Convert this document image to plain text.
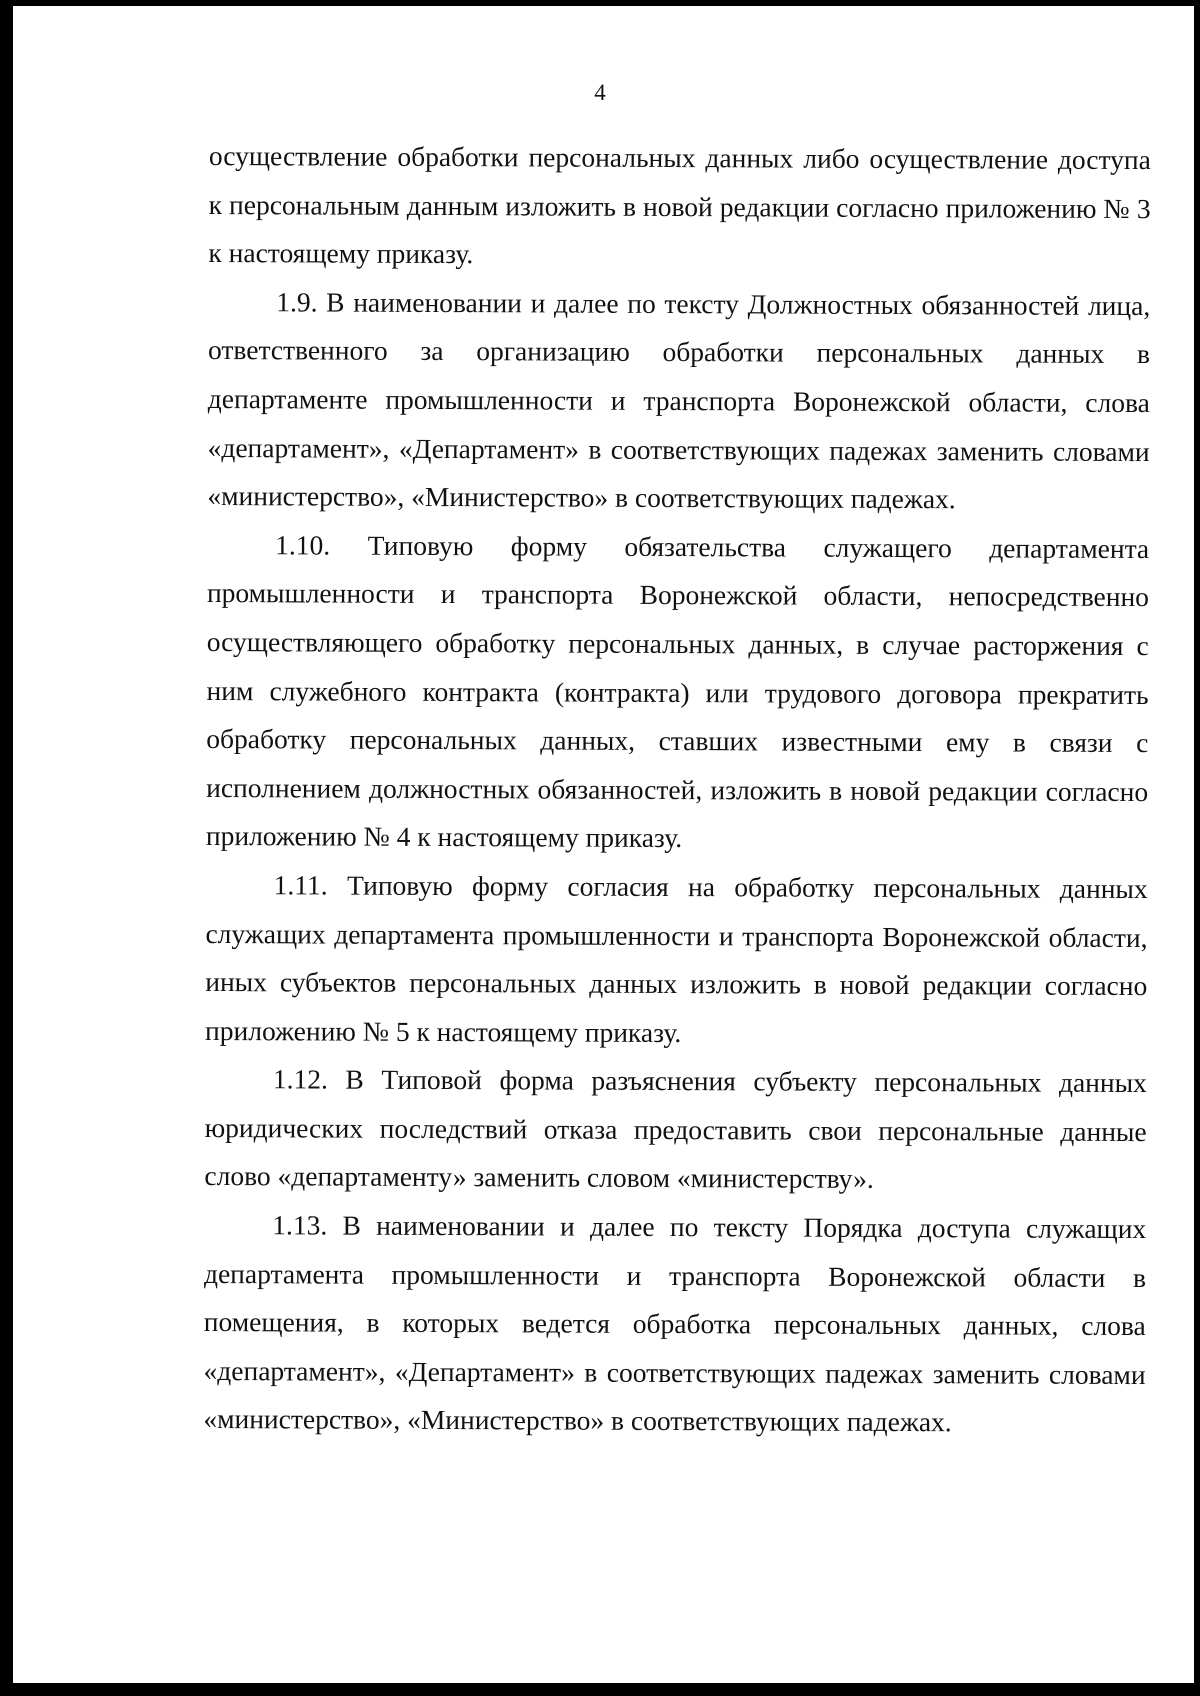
4

осуществление обработки персональных данных либо осуществление доступа к персональным данным изложить в новой редакции согласно приложению № 3 к настоящему приказу.

1.9. В наименовании и далее по тексту Должностных обязанностей лица, ответственного за организацию обработки персональных данных в департаменте промышленности и транспорта Воронежской области, слова «департамент», «Департамент» в соответствующих падежах заменить словами «министерство», «Министерство» в соответствующих падежах.

1.10. Типовую форму обязательства служащего департамента промышленности и транспорта Воронежской области, непосредственно осуществляющего обработку персональных данных, в случае расторжения с ним служебного контракта (контракта) или трудового договора прекратить обработку персональных данных, ставших известными ему в связи с исполнением должностных обязанностей, изложить в новой редакции согласно приложению № 4 к настоящему приказу.

1.11. Типовую форму согласия на обработку персональных данных служащих департамента промышленности и транспорта Воронежской области, иных субъектов персональных данных изложить в новой редакции согласно приложению № 5 к настоящему приказу.

1.12. В Типовой форма разъяснения субъекту персональных данных юридических последствий отказа предоставить свои персональные данные слово «департаменту» заменить словом «министерству».

1.13. В наименовании и далее по тексту Порядка доступа служащих департамента промышленности и транспорта Воронежской области в помещения, в которых ведется обработка персональных данных, слова «департамент», «Департамент» в соответствующих падежах заменить словами «министерство», «Министерство» в соответствующих падежах.
